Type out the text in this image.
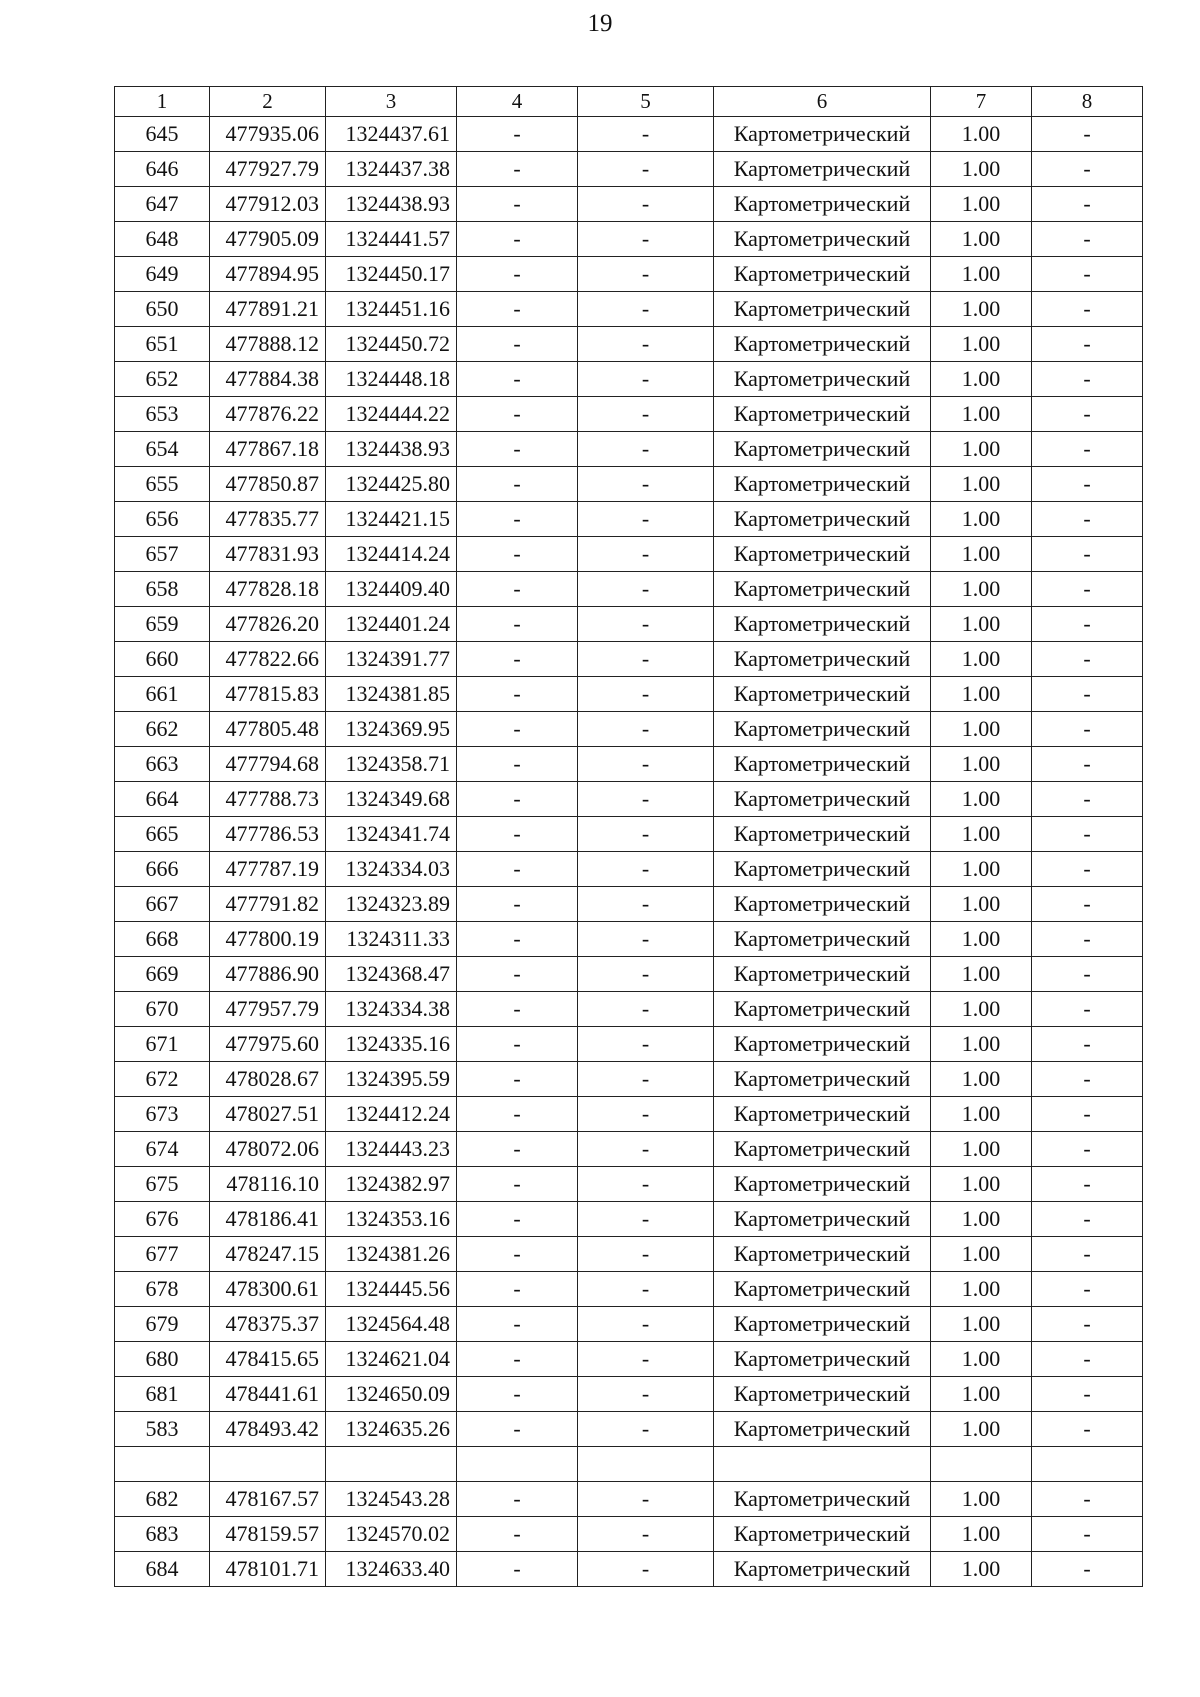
19
1	2	3	4	5	6	7	8
645	477935.06	1324437.61	-	-	Картометрический	1.00	-
646	477927.79	1324437.38	-	-	Картометрический	1.00	-
647	477912.03	1324438.93	-	-	Картометрический	1.00	-
648	477905.09	1324441.57	-	-	Картометрический	1.00	-
649	477894.95	1324450.17	-	-	Картометрический	1.00	-
650	477891.21	1324451.16	-	-	Картометрический	1.00	-
651	477888.12	1324450.72	-	-	Картометрический	1.00	-
652	477884.38	1324448.18	-	-	Картометрический	1.00	-
653	477876.22	1324444.22	-	-	Картометрический	1.00	-
654	477867.18	1324438.93	-	-	Картометрический	1.00	-
655	477850.87	1324425.80	-	-	Картометрический	1.00	-
656	477835.77	1324421.15	-	-	Картометрический	1.00	-
657	477831.93	1324414.24	-	-	Картометрический	1.00	-
658	477828.18	1324409.40	-	-	Картометрический	1.00	-
659	477826.20	1324401.24	-	-	Картометрический	1.00	-
660	477822.66	1324391.77	-	-	Картометрический	1.00	-
661	477815.83	1324381.85	-	-	Картометрический	1.00	-
662	477805.48	1324369.95	-	-	Картометрический	1.00	-
663	477794.68	1324358.71	-	-	Картометрический	1.00	-
664	477788.73	1324349.68	-	-	Картометрический	1.00	-
665	477786.53	1324341.74	-	-	Картометрический	1.00	-
666	477787.19	1324334.03	-	-	Картометрический	1.00	-
667	477791.82	1324323.89	-	-	Картометрический	1.00	-
668	477800.19	1324311.33	-	-	Картометрический	1.00	-
669	477886.90	1324368.47	-	-	Картометрический	1.00	-
670	477957.79	1324334.38	-	-	Картометрический	1.00	-
671	477975.60	1324335.16	-	-	Картометрический	1.00	-
672	478028.67	1324395.59	-	-	Картометрический	1.00	-
673	478027.51	1324412.24	-	-	Картометрический	1.00	-
674	478072.06	1324443.23	-	-	Картометрический	1.00	-
675	478116.10	1324382.97	-	-	Картометрический	1.00	-
676	478186.41	1324353.16	-	-	Картометрический	1.00	-
677	478247.15	1324381.26	-	-	Картометрический	1.00	-
678	478300.61	1324445.56	-	-	Картометрический	1.00	-
679	478375.37	1324564.48	-	-	Картометрический	1.00	-
680	478415.65	1324621.04	-	-	Картометрический	1.00	-
681	478441.61	1324650.09	-	-	Картометрический	1.00	-
583	478493.42	1324635.26	-	-	Картометрический	1.00	-

682	478167.57	1324543.28	-	-	Картометрический	1.00	-
683	478159.57	1324570.02	-	-	Картометрический	1.00	-
684	478101.71	1324633.40	-	-	Картометрический	1.00	-
